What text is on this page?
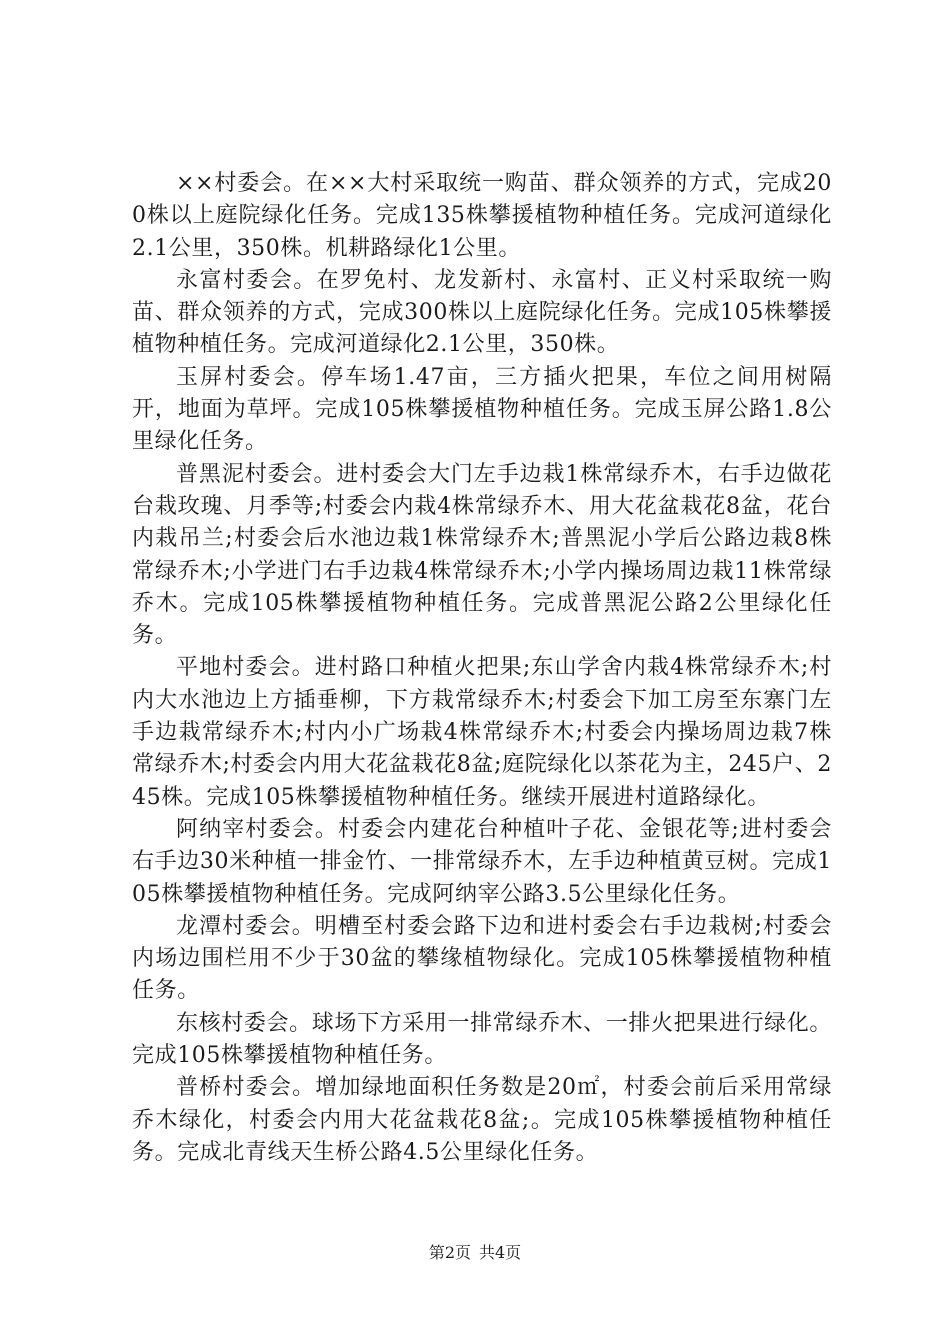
××村委会。在××大村采取统一购苗、群众领养的方式，完成200株以上庭院绿化任务。完成135株攀援植物种植任务。完成河道绿化2.1公里，350株。机耕路绿化1公里。

永富村委会。在罗免村、龙发新村、永富村、正义村采取统一购苗、群众领养的方式，完成300株以上庭院绿化任务。完成105株攀援植物种植任务。完成河道绿化2.1公里，350株。

玉屏村委会。停车场1.47亩，三方插火把果，车位之间用树隔开，地面为草坪。完成105株攀援植物种植任务。完成玉屏公路1.8公里绿化任务。

普黑泥村委会。进村委会大门左手边栽1株常绿乔木，右手边做花台栽玫瑰、月季等;村委会内栽4株常绿乔木、用大花盆栽花8盆，花台内栽吊兰;村委会后水池边栽1株常绿乔木;普黑泥小学后公路边栽8株常绿乔木;小学进门右手边栽4株常绿乔木;小学内操场周边栽11株常绿乔木。完成105株攀援植物种植任务。完成普黑泥公路2公里绿化任务。

平地村委会。进村路口种植火把果;东山学舍内栽4株常绿乔木;村内大水池边上方插垂柳，下方栽常绿乔木;村委会下加工房至东寨门左手边栽常绿乔木;村内小广场栽4株常绿乔木;村委会内操场周边栽7株常绿乔木;村委会内用大花盆栽花8盆;庭院绿化以茶花为主，245户、245株。完成105株攀援植物种植任务。继续开展进村道路绿化。

阿纳宰村委会。村委会内建花台种植叶子花、金银花等;进村委会右手边30米种植一排金竹、一排常绿乔木，左手边种植黄豆树。完成105株攀援植物种植任务。完成阿纳宰公路3.5公里绿化任务。

龙潭村委会。明槽至村委会路下边和进村委会右手边栽树;村委会内场边围栏用不少于30盆的攀缘植物绿化。完成105株攀援植物种植任务。

东核村委会。球场下方采用一排常绿乔木、一排火把果进行绿化。完成105株攀援植物种植任务。

普桥村委会。增加绿地面积任务数是20㎡，村委会前后采用常绿乔木绿化，村委会内用大花盆栽花8盆;。完成105株攀援植物种植任务。完成北青线天生桥公路4.5公里绿化任务。

第2页 共4页
